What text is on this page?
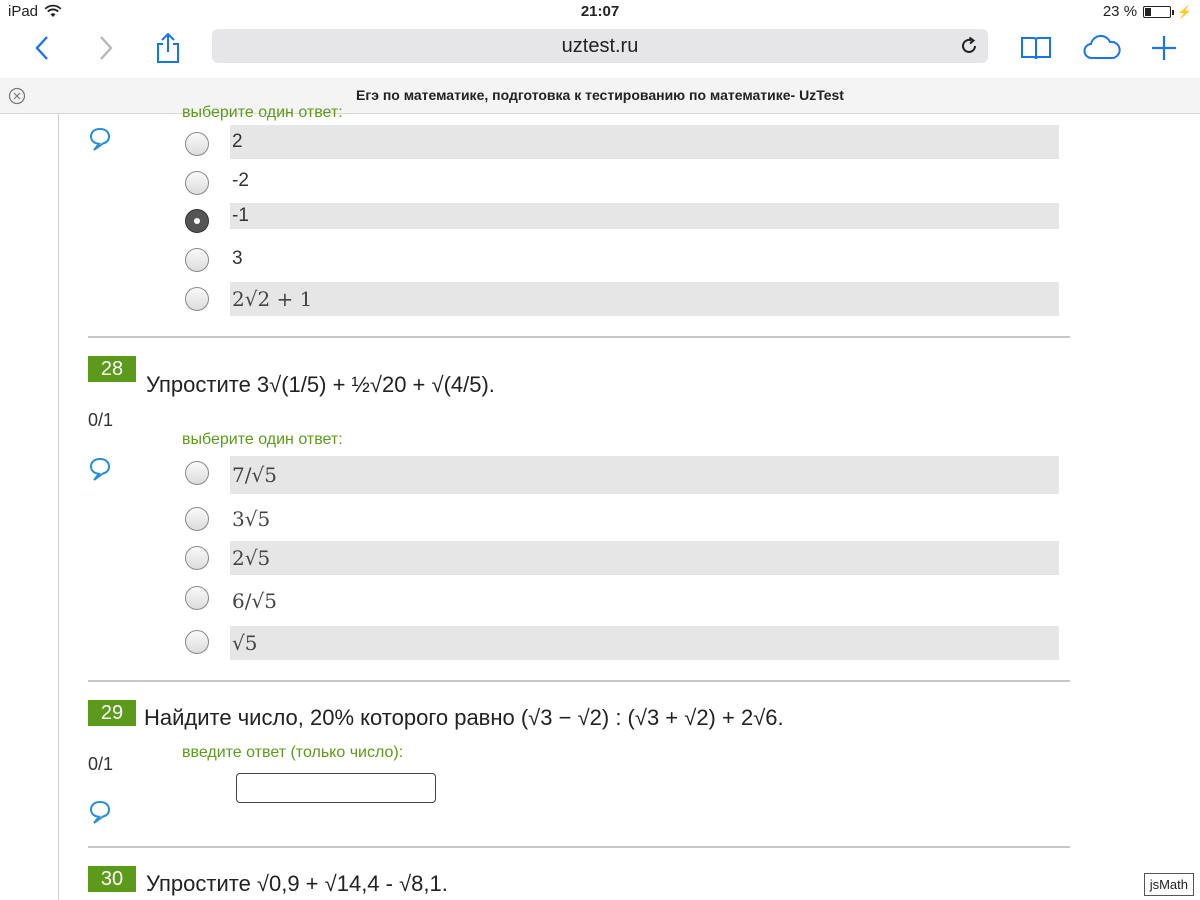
iPad	21:07	23 %	⚡
uztest.ru
Егэ по математике, подготовка к тестированию по математике- UzTest
выберите один ответ:
2
-2
-1
3
2√2 + 1
28
Упростите 3√(1/5) + ½√20 + √(4/5).
0/1
выберите один ответ:
7/√5
3√5
2√5
6/√5
√5
29 Найдите число, 20% которого равно (√3 − √2) : (√3 + √2) + 2√6.
введите ответ (только число):
0/1
30	Упростите √0,9 + √14,4 - √8,1.	jsMath
